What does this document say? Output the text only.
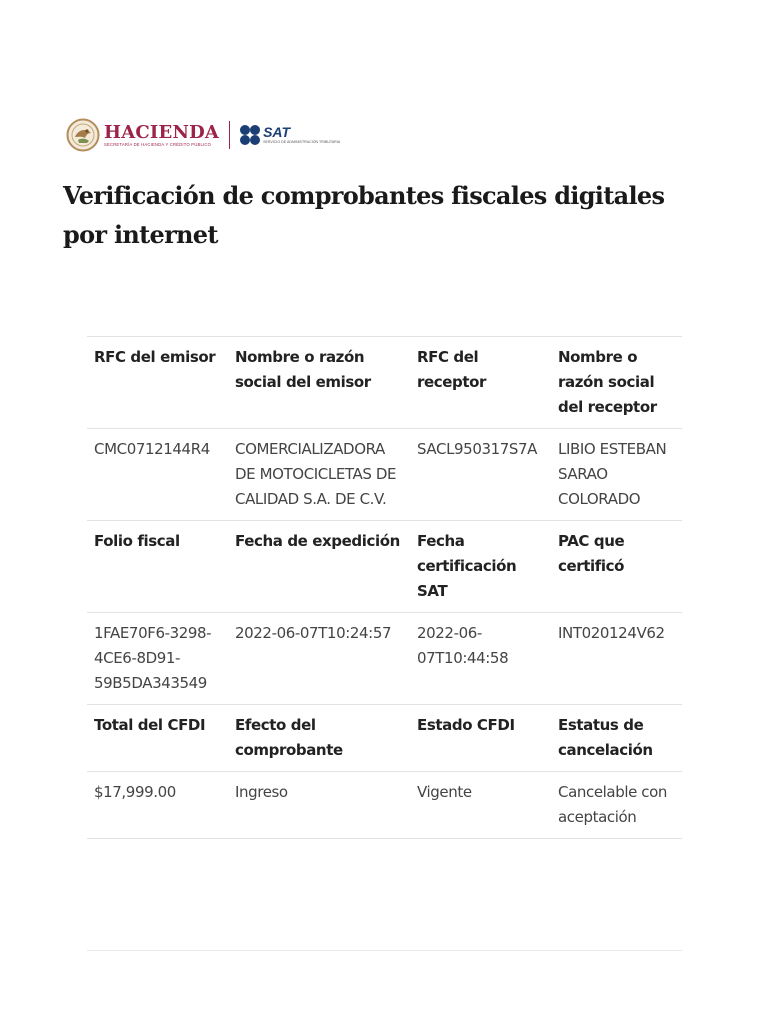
HACIENDA
SECRETARÍA DE HACIENDA Y CRÉDITO PÚBLICO
SAT
SERVICIO DE ADMINISTRACIÓN TRIBUTARIA
Verificación de comprobantes fiscales digitales por internet
RFC del emisor	Nombre o razón social del emisor	RFC del receptor	Nombre o razón social del receptor
CMC0712144R4	COMERCIALIZADORA DE MOTOCICLETAS DE CALIDAD S.A. DE C.V.	SACL950317S7A	LIBIO ESTEBAN SARAO COLORADO
Folio fiscal	Fecha de expedición	Fecha certificación SAT	PAC que certificó
1FAE70F6-3298-4CE6-8D91-59B5DA343549	2022-06-07T10:24:57	2022-06-07T10:44:58	INT020124V62
Total del CFDI	Efecto del comprobante	Estado CFDI	Estatus de cancelación
$17,999.00	Ingreso	Vigente	Cancelable con aceptación
